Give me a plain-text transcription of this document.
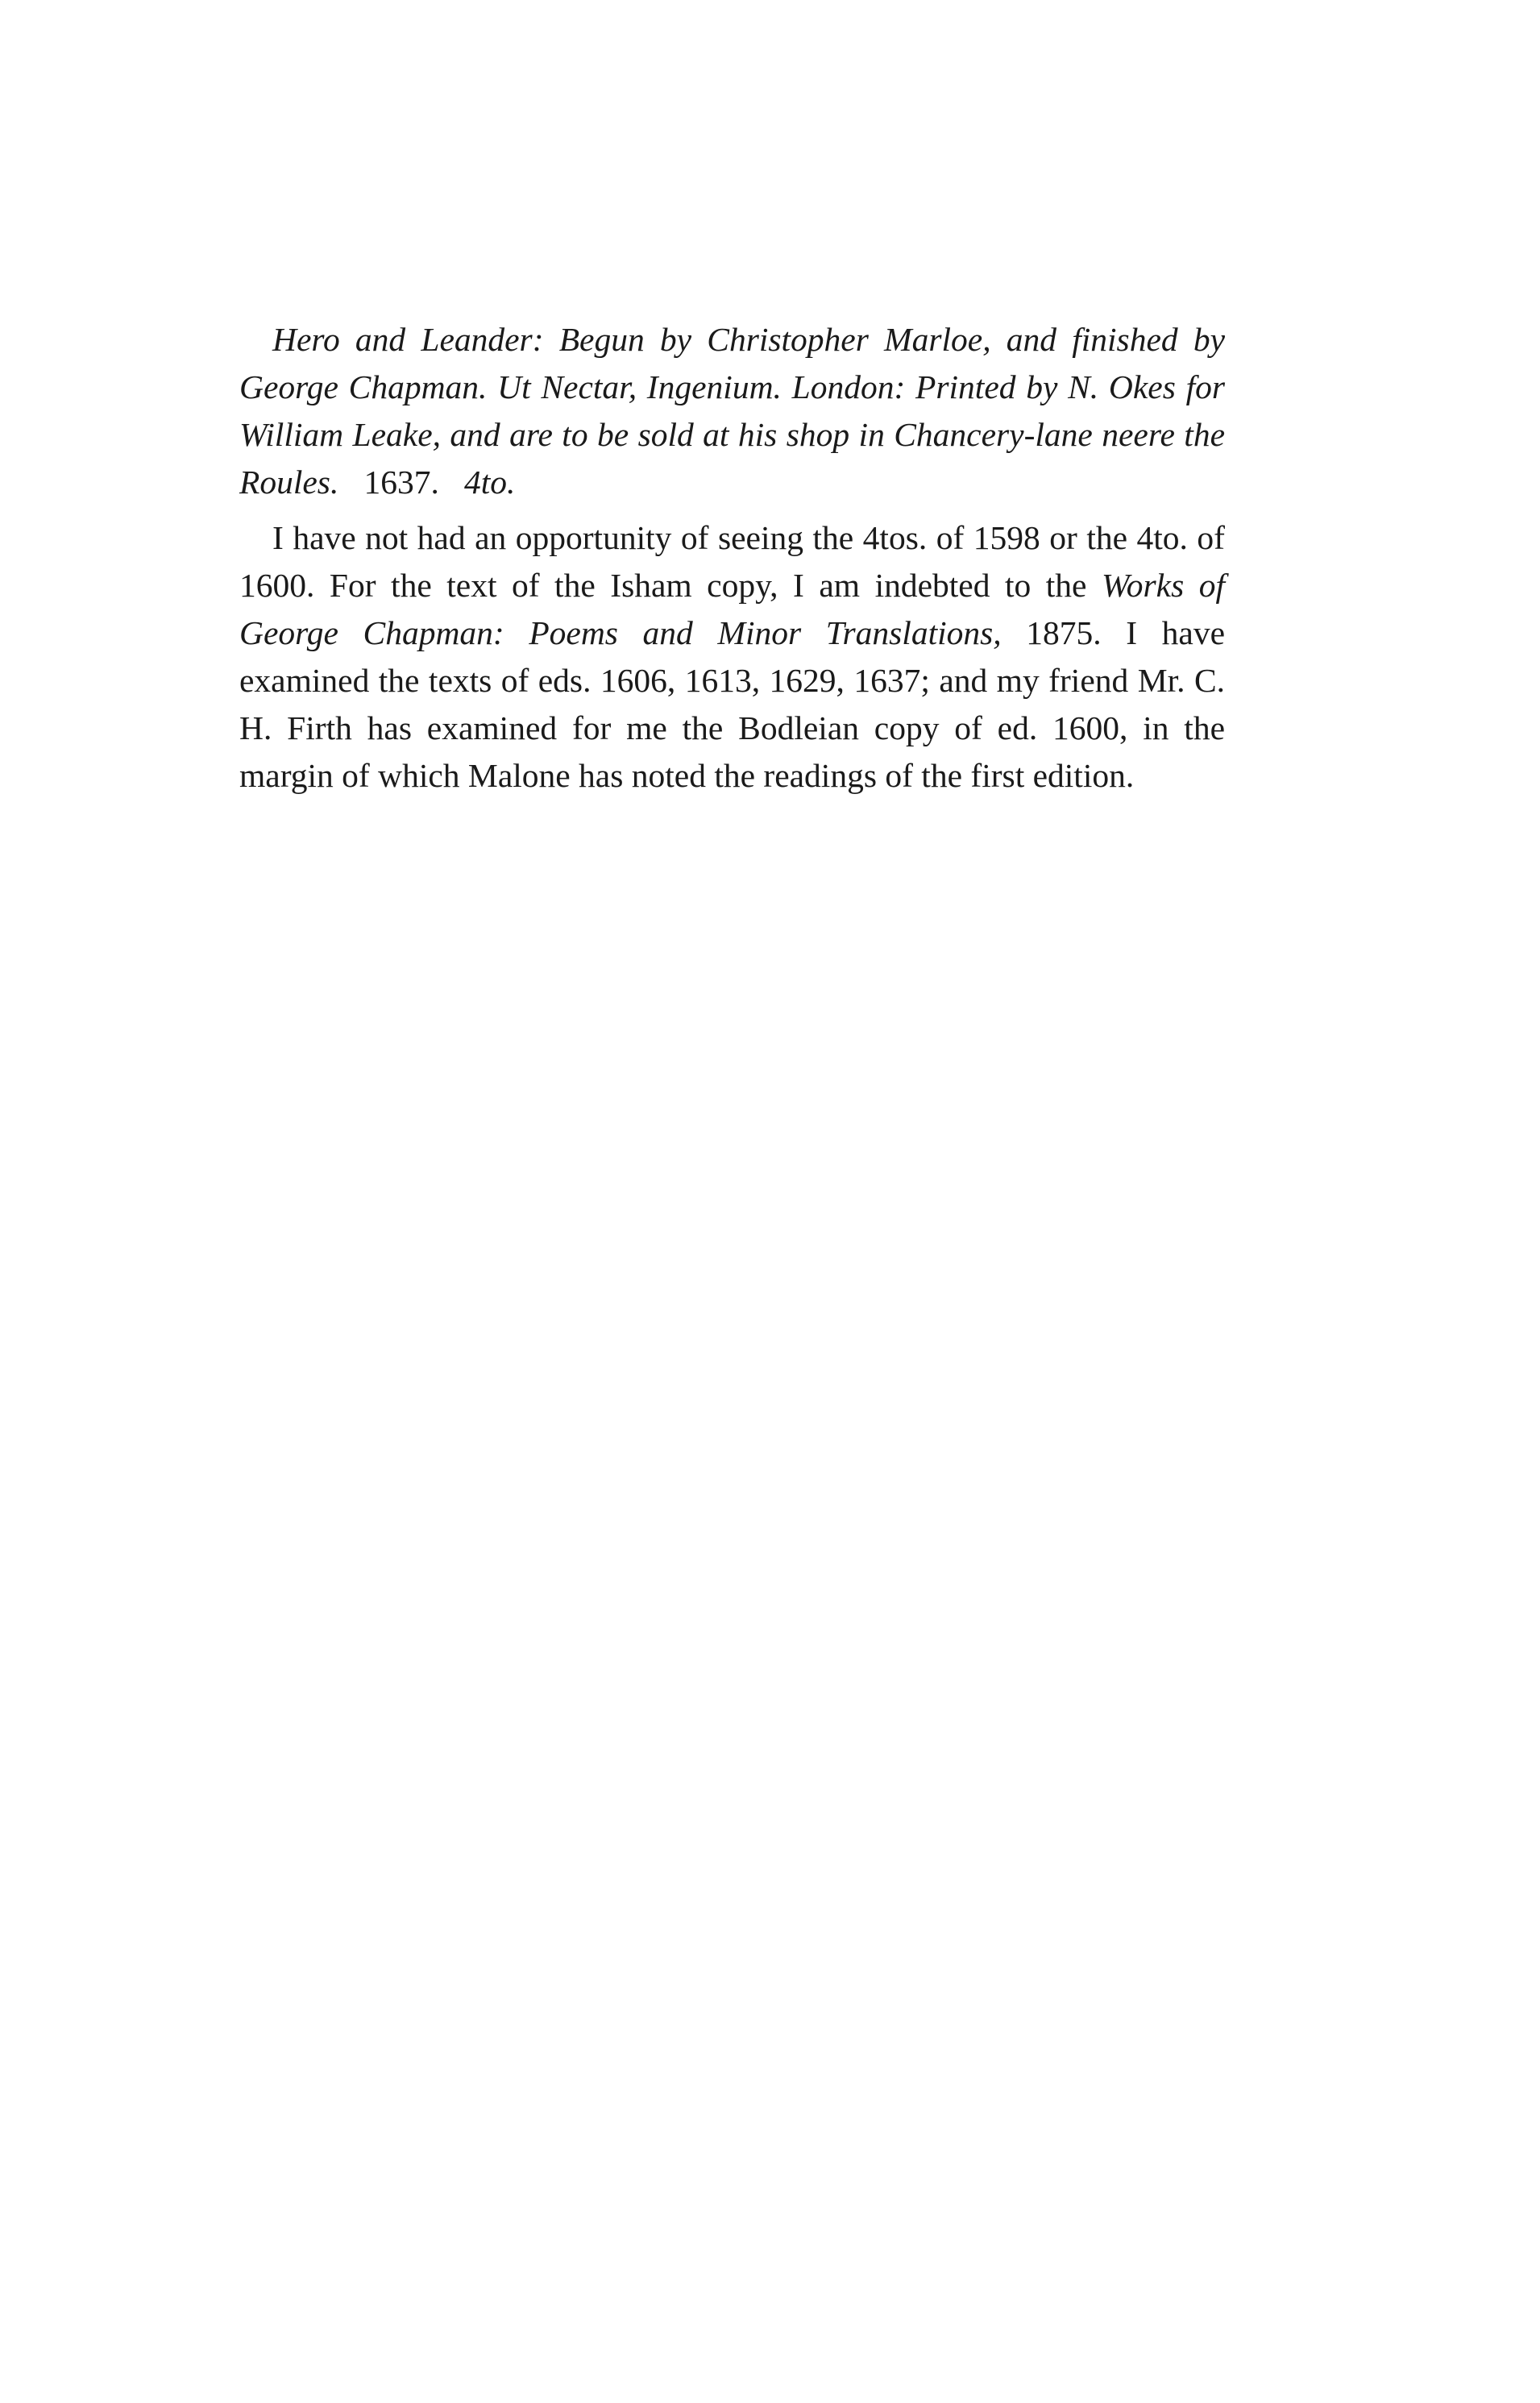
Hero and Leander: Begun by Christopher Marloe, and finished by George Chapman. Ut Nectar, Ingenium. London: Printed by N. Okes for William Leake, and are to be sold at his shop in Chancery-lane neere the Roules. 1637. 4to.

I have not had an opportunity of seeing the 4tos. of 1598 or the 4to. of 1600. For the text of the Isham copy, I am indebted to the Works of George Chapman: Poems and Minor Translations, 1875. I have examined the texts of eds. 1606, 1613, 1629, 1637; and my friend Mr. C. H. Firth has examined for me the Bodleian copy of ed. 1600, in the margin of which Malone has noted the readings of the first edition.
